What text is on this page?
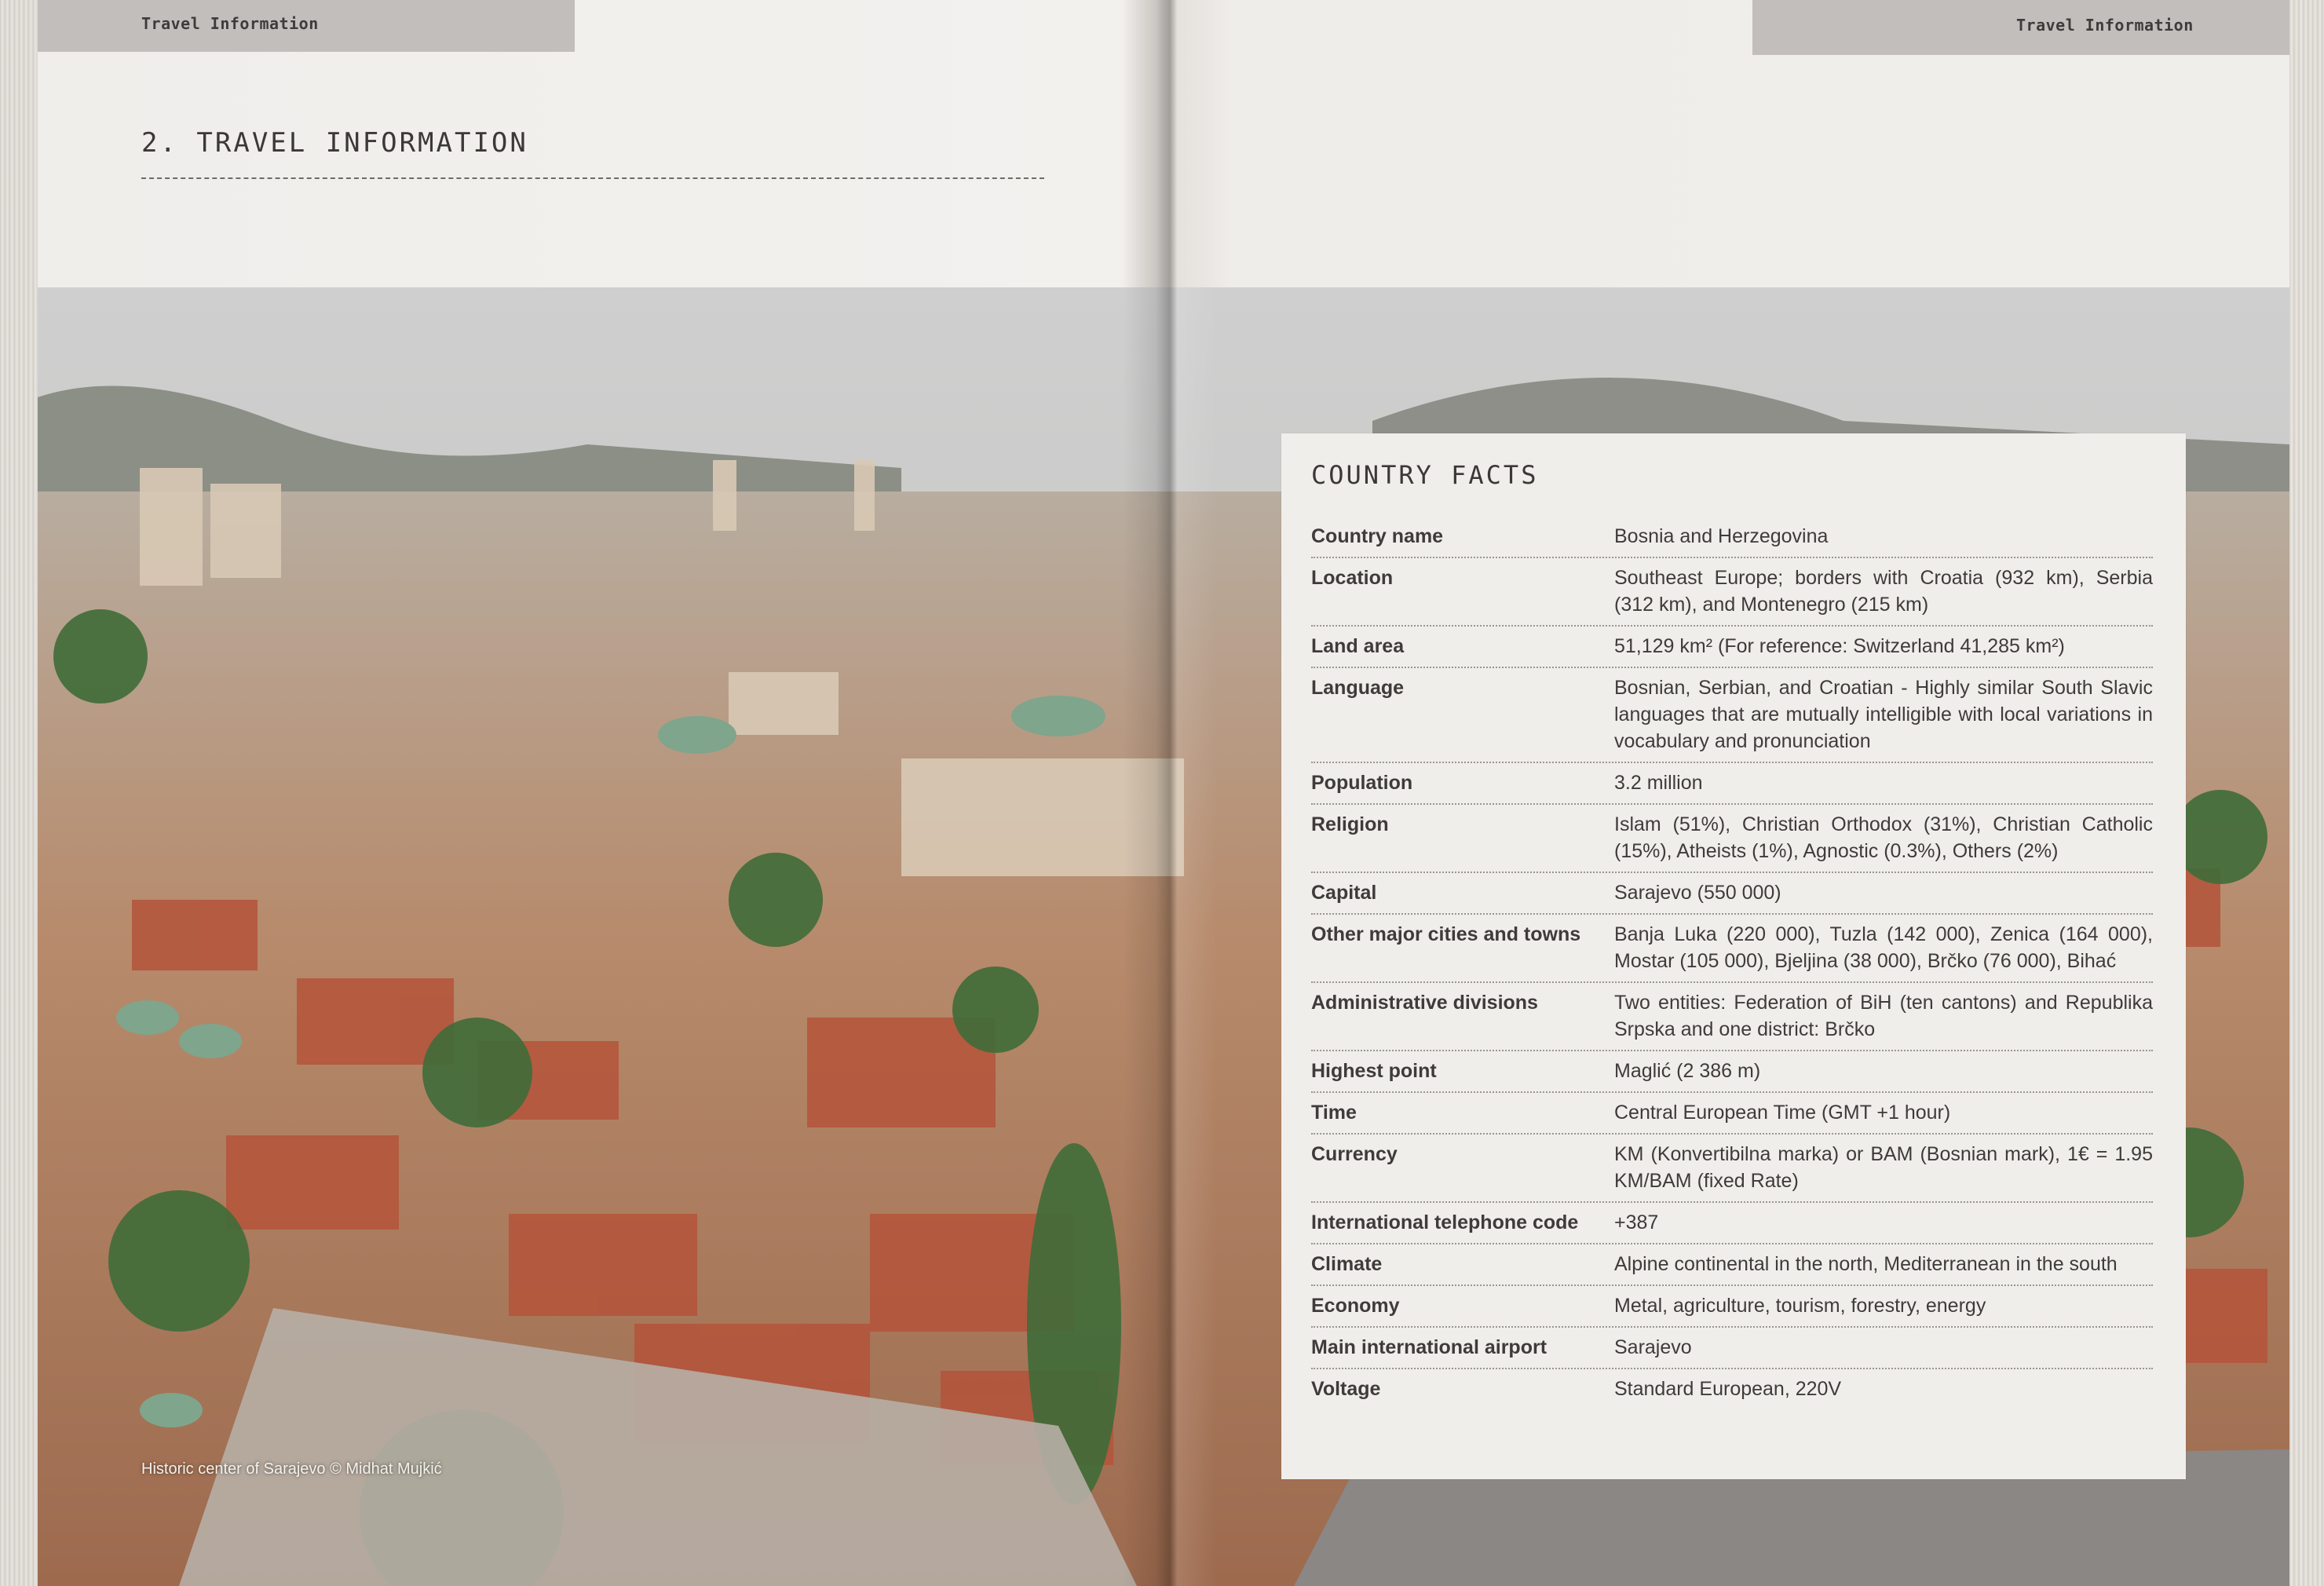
Travel Information	Travel Information
2. TRAVEL INFORMATION
Historic center of Sarajevo © Midhat Mujkić
COUNTRY FACTS
Country name	Bosnia and Herzegovina
Location	Southeast Europe; borders with Croatia (932 km), Serbia (312 km), and Montenegro (215 km)
Land area	51,129 km² (For reference: Switzerland 41,285 km²)
Language	Bosnian, Serbian, and Croatian - Highly similar South Slavic languages that are mutually intelligible with local variations in vocabulary and pronunciation
Population	3.2 million
Religion	Islam (51%), Christian Orthodox (31%), Christian Catholic (15%), Atheists (1%), Agnostic (0.3%), Others (2%)
Capital	Sarajevo (550 000)
Other major cities and towns	Banja Luka (220 000), Tuzla (142 000), Zenica (164 000), Mostar (105 000), Bjeljina (38 000), Brčko (76 000), Bihać
Administrative divisions	Two entities: Federation of BiH (ten cantons) and Republika Srpska and one district: Brčko
Highest point	Maglić (2 386 m)
Time	Central European Time (GMT +1 hour)
Currency	KM (Konvertibilna marka) or BAM (Bosnian mark), 1€ = 1.95 KM/BAM (fixed Rate)
International telephone code	+387
Climate	Alpine continental in the north, Mediterranean in the south
Economy	Metal, agriculture, tourism, forestry, energy
Main international airport	Sarajevo
Voltage	Standard European, 220V
